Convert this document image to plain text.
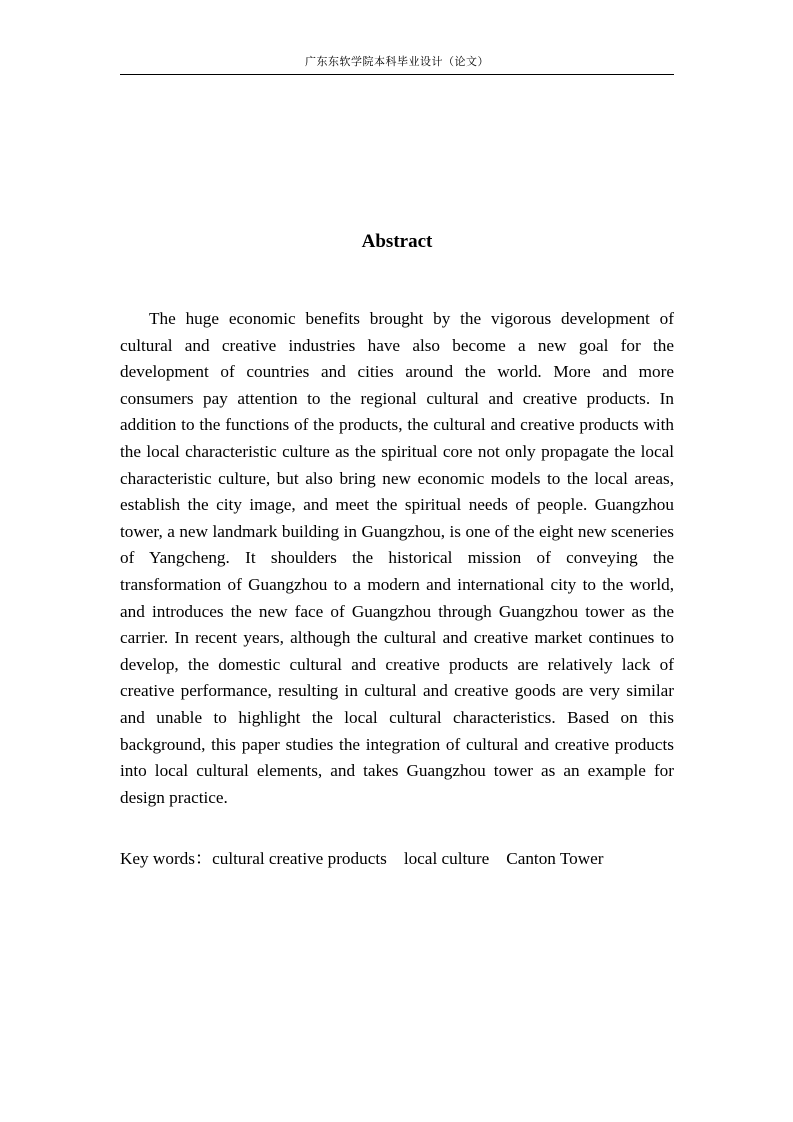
广东东软学院本科毕业设计（论文）
Abstract

The huge economic benefits brought by the vigorous development of cultural and creative industries have also become a new goal for the development of countries and cities around the world. More and more consumers pay attention to the regional cultural and creative products. In addition to the functions of the products, the cultural and creative products with the local characteristic culture as the spiritual core not only propagate the local characteristic culture, but also bring new economic models to the local areas, establish the city image, and meet the spiritual needs of people. Guangzhou tower, a new landmark building in Guangzhou, is one of the eight new sceneries of Yangcheng. It shoulders the historical mission of conveying the transformation of Guangzhou to a modern and international city to the world, and introduces the new face of Guangzhou through Guangzhou tower as the carrier. In recent years, although the cultural and creative market continues to develop, the domestic cultural and creative products are relatively lack of creative performance, resulting in cultural and creative goods are very similar and unable to highlight the local cultural characteristics. Based on this background, this paper studies the integration of cultural and creative products into local cultural elements, and takes Guangzhou tower as an example for design practice.

Key words：cultural creative products local culture Canton Tower
